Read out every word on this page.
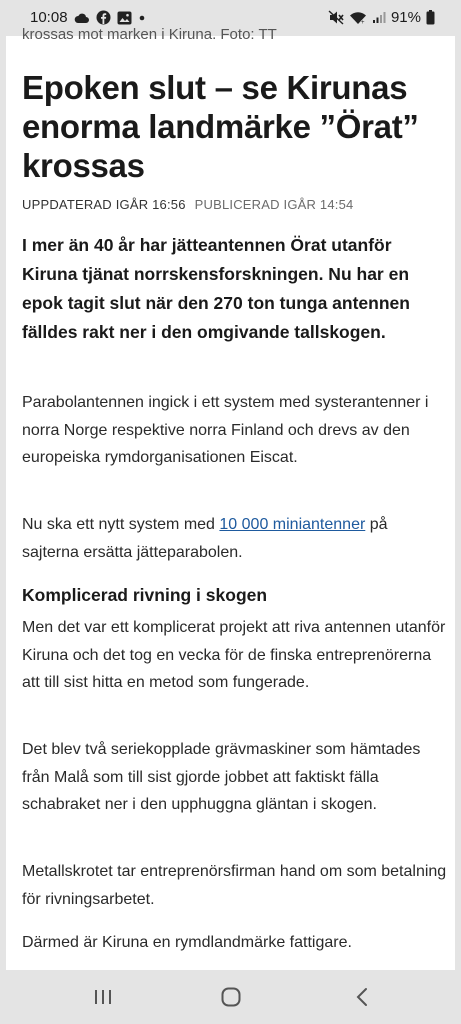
10:08	+ 91%
krossas mot marken i Kiruna. Foto: TT
Epoken slut – se Kirunas enorma landmärke ”Örat” krossas
UPPDATERAD IGÅR 16:56 PUBLICERAD IGÅR 14:54

I mer än 40 år har jätteantennen Örat utanför Kiruna tjänat norrskensforskningen. Nu har en epok tagit slut när den 270 ton tunga antennen fälldes rakt ner i den omgivande tallskogen.

Parabolantennen ingick i ett system med systerantenner i norra Norge respektive norra Finland och drevs av den europeiska rymdorganisationen Eiscat.

Nu ska ett nytt system med 10 000 miniantenner på sajterna ersätta jätteparabolen.

Komplicerad rivning i skogen

Men det var ett komplicerat projekt att riva antennen utanför Kiruna och det tog en vecka för de finska entreprenörerna att till sist hitta en metod som fungerade.

Det blev två seriekopplade grävmaskiner som hämtades från Malå som till sist gjorde jobbet att faktiskt fälla schabraket ner i den upphuggna gläntan i skogen.

Metallskrotet tar entreprenörsfirman hand om som betalning för rivningsarbetet.

Därmed är Kiruna en rymdlandmärke fattigare.
